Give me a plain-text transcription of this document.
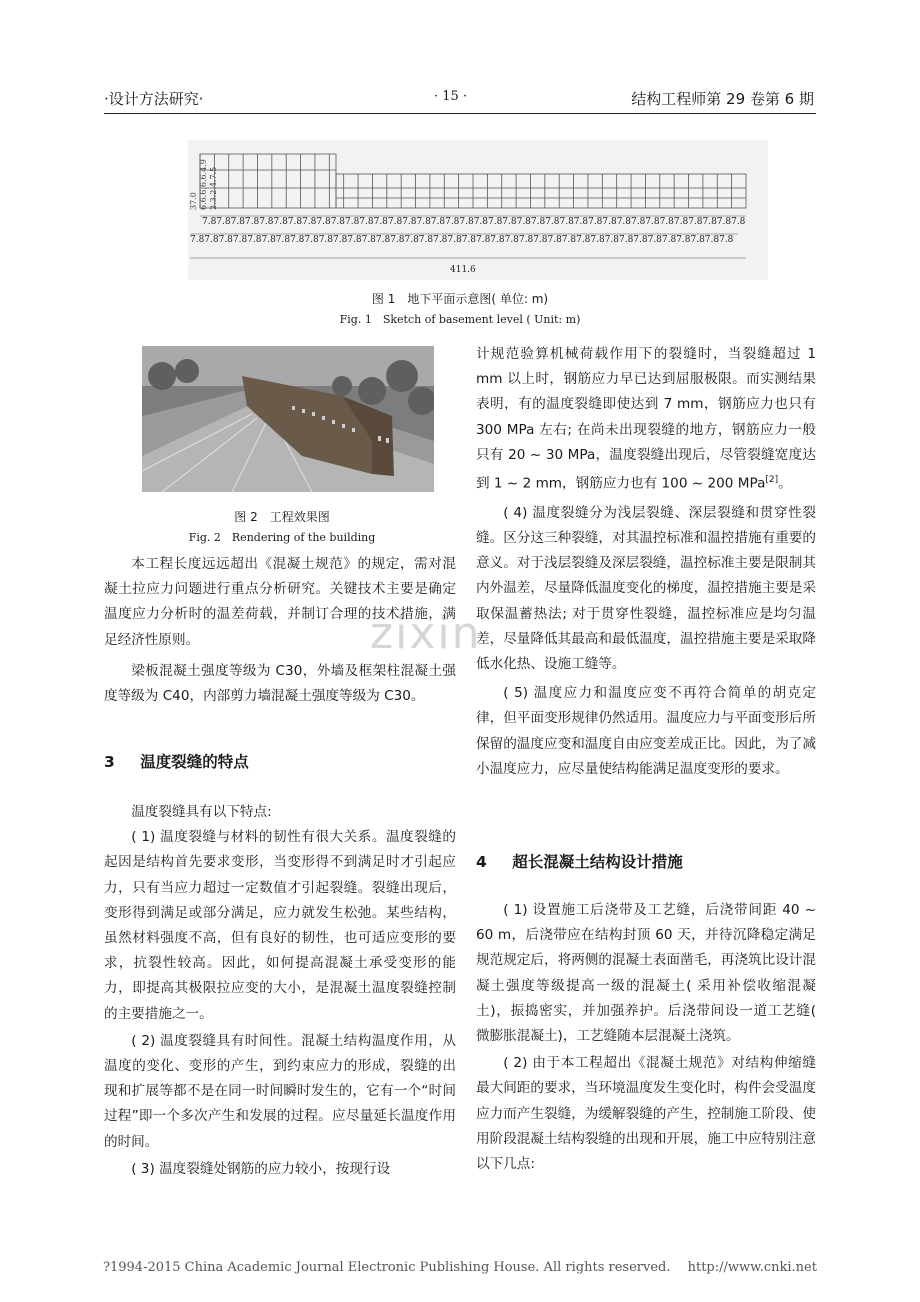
·设计方法研究·	· 15 ·	结构工程师第 29 卷第 6 期
37.0 6.6.6.6.6.4.9 2.3.2.4.7.5
7.8 7.8 7.8 7.8 7.8 7.8 7.8 7.8 7.8 7.8 7.8 7.8 7.8 7.8 7.8 7.8 7.8 7.8 7.8 7.8 7.8 7.8 7.8 7.8 7.8 7.8 7.8 7.8 7.8 7.8 7.8 7.8 7.8 7.8 7.8 7.8 7.8 7.8
7.8 7.8 7.8 7.8 7.8 7.8 7.8 7.8 7.8 7.8 7.8 7.8 7.8 7.8 7.8 7.8 7.8 7.8 7.8 7.8 7.8 7.8 7.8 7.8 7.8 7.8 7.8 7.8 7.8 7.8 7.8 7.8 7.8 7.8 7.8 7.8 7.8 7.8
411.6
图 1　地下平面示意图( 单位: m)
Fig. 1　Sketch of basement level ( Unit: m)
图 2　工程效果图
Fig. 2　Rendering of the building
zixin

本工程长度远远超出《混凝土规范》的规定，需对混凝土拉应力问题进行重点分析研究。关键技术主要是确定温度应力分析时的温差荷载，并制订合理的技术措施，满足经济性原则。

梁板混凝土强度等级为 C30，外墙及框架柱混凝土强度等级为 C40，内部剪力墙混凝土强度等级为 C30。

3 温度裂缝的特点

温度裂缝具有以下特点:

( 1) 温度裂缝与材料的韧性有很大关系。温度裂缝的起因是结构首先要求变形，当变形得不到满足时才引起应力，只有当应力超过一定数值才引起裂缝。裂缝出现后，变形得到满足或部分满足，应力就发生松弛。某些结构，虽然材料强度不高，但有良好的韧性，也可适应变形的要求，抗裂性较高。因此，如何提高混凝土承受变形的能力，即提高其极限拉应变的大小，是混凝土温度裂缝控制的主要措施之一。

( 2) 温度裂缝具有时间性。混凝土结构温度作用，从温度的变化、变形的产生，到约束应力的形成，裂缝的出现和扩展等都不是在同一时间瞬时发生的，它有一个“时间过程”即一个多次产生和发展的过程。应尽量延长温度作用的时间。

( 3) 温度裂缝处钢筋的应力较小，按现行设

计规范验算机械荷载作用下的裂缝时，当裂缝超过 1 mm 以上时，钢筋应力早已达到屈服极限。而实测结果表明，有的温度裂缝即使达到 7 mm，钢筋应力也只有 300 MPa 左右; 在尚未出现裂缝的地方，钢筋应力一般只有 20 ~ 30 MPa，温度裂缝出现后，尽管裂缝宽度达到 1 ~ 2 mm，钢筋应力也有 100 ~ 200 MPa[2]。

( 4) 温度裂缝分为浅层裂缝、深层裂缝和贯穿性裂缝。区分这三种裂缝，对其温控标准和温控措施有重要的意义。对于浅层裂缝及深层裂缝，温控标准主要是限制其内外温差，尽量降低温度变化的梯度，温控措施主要是采取保温蓄热法; 对于贯穿性裂缝，温控标准应是均匀温差，尽量降低其最高和最低温度，温控措施主要是采取降低水化热、设施工缝等。

( 5) 温度应力和温度应变不再符合简单的胡克定律，但平面变形规律仍然适用。温度应力与平面变形后所保留的温度应变和温度自由应变差成正比。因此，为了减小温度应力，应尽量使结构能满足温度变形的要求。

4 超长混凝土结构设计措施

( 1) 设置施工后浇带及工艺缝，后浇带间距 40 ~ 60 m，后浇带应在结构封顶 60 天，并待沉降稳定满足规范规定后，将两侧的混凝土表面凿毛，再浇筑比设计混凝土强度等级提高一级的混凝土( 采用补偿收缩混凝土)，振捣密实，并加强养护。后浇带间设一道工艺缝( 微膨胀混凝土)，工艺缝随本层混凝土浇筑。

( 2) 由于本工程超出《混凝土规范》对结构伸缩缝最大间距的要求，当环境温度发生变化时，构件会受温度应力而产生裂缝，为缓解裂缝的产生，控制施工阶段、使用阶段混凝土结构裂缝的出现和开展，施工中应特别注意以下几点:

?1994-2015 China Academic Journal Electronic Publishing House. All rights reserved.　 http://www.cnki.net
